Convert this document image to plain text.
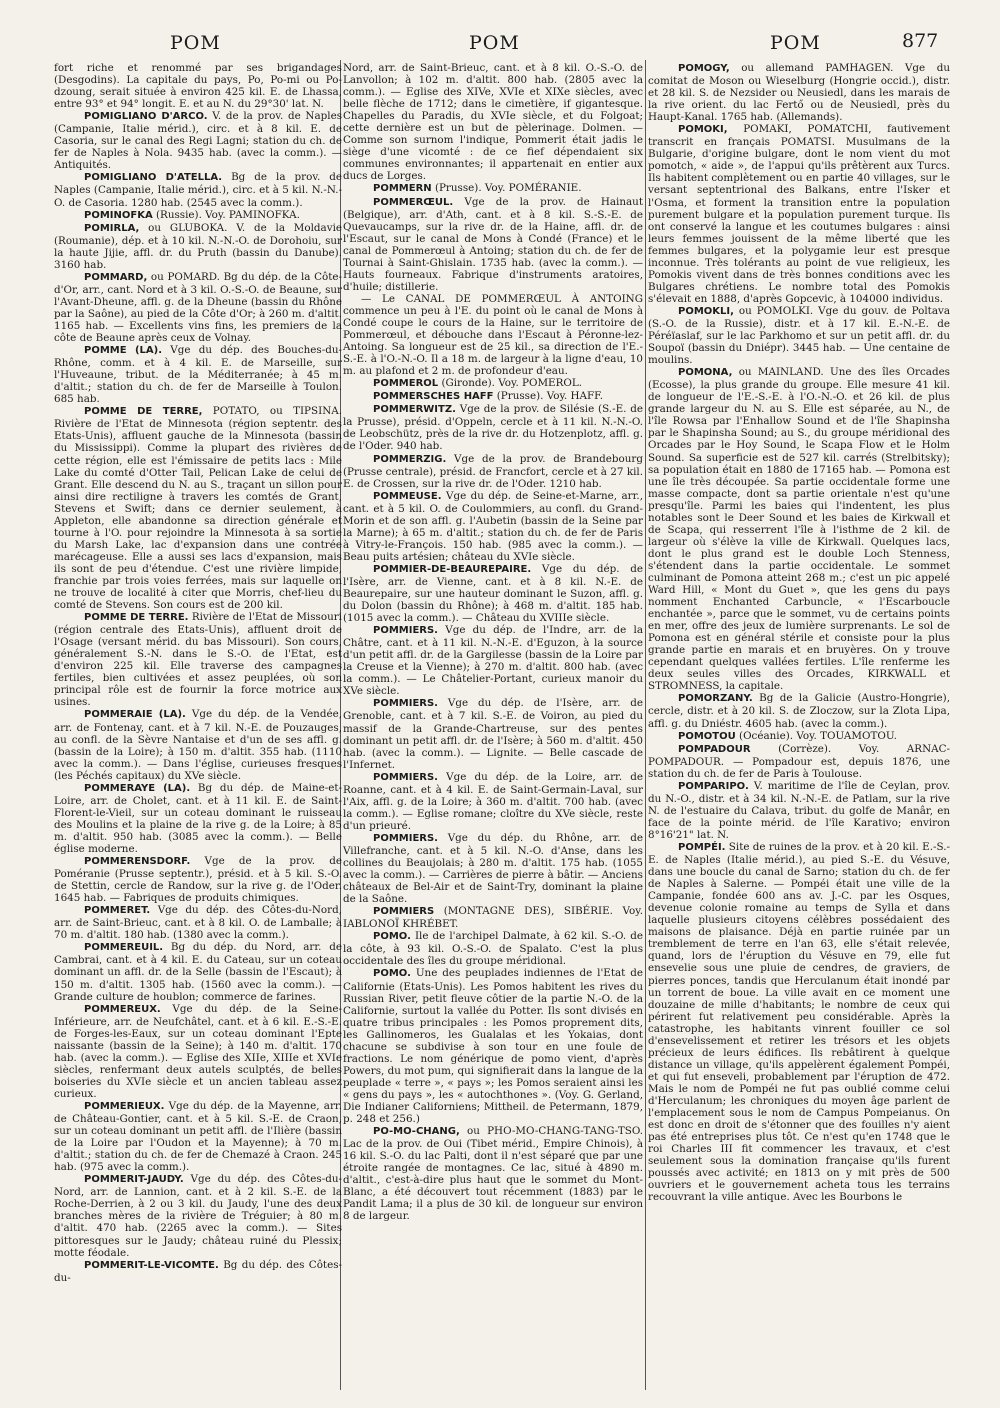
POM	POM	POM	877

fort riche et renommé par ses brigandages (Desgodins). La capitale du pays, Po, Po-mi ou Po-dzoung, serait située à environ 425 kil. E. de Lhassa, entre 93° et 94° longit. E. et au N. du 29°30' lat. N.

POMIGLIANO D'ARCO. V. de la prov. de Naples (Campanie, Italie mérid.), circ. et à 8 kil. E. de Casoria, sur le canal des Regi Lagni; station du ch. de fer de Naples à Nola. 9435 hab. (avec la comm.). — Antiquités.

POMIGLIANO D'ATELLA. Bg de la prov. de Naples (Campanie, Italie mérid.), circ. et à 5 kil. N.-N.-O. de Casoria. 1280 hab. (2545 avec la comm.).

POMINOFKA (Russie). Voy. PAMINOFKA.

POMIRLA, ou GLUBOKA. V. de la Moldavie (Roumanie), dép. et à 10 kil. N.-N.-O. de Dorohoiu, sur la haute Jijie, affl. dr. du Pruth (bassin du Danube). 3160 hab.

POMMARD, ou POMARD. Bg du dép. de la Côte-d'Or, arr., cant. Nord et à 3 kil. O.-S.-O. de Beaune, sur l'Avant-Dheune, affl. g. de la Dheune (bassin du Rhône par la Saône), au pied de la Côte d'Or; à 260 m. d'altit. 1165 hab. — Excellents vins fins, les premiers de la côte de Beaune après ceux de Volnay.

POMME (LA). Vge du dép. des Bouches-du-Rhône, comm. et à 4 kil. E. de Marseille, sur l'Huveaune, tribut. de la Méditerranée; à 45 m. d'altit.; station du ch. de fer de Marseille à Toulon. 685 hab.

POMME DE TERRE, POTATO, ou TIPSINA. Rivière de l'Etat de Minnesota (région septentr. des Etats-Unis), affluent gauche de la Minnesota (bassin du Mississippi). Comme la plupart des rivières de cette région, elle est l'émissaire de petits lacs : Mile Lake du comté d'Otter Tail, Pelican Lake de celui de Grant. Elle descend du N. au S., traçant un sillon pour ainsi dire rectiligne à travers les comtés de Grant, Stevens et Swift; dans ce dernier seulement, à Appleton, elle abandonne sa direction générale et tourne à l'O. pour rejoindre la Minnesota à sa sortie du Marsh Lake, lac d'expansion dans une contrée marécageuse. Elle a aussi ses lacs d'expansion, mais ils sont de peu d'étendue. C'est une rivière limpide, franchie par trois voies ferrées, mais sur laquelle on ne trouve de localité à citer que Morris, chef-lieu du comté de Stevens. Son cours est de 200 kil.

POMME DE TERRE. Rivière de l'Etat de Missouri (région centrale des Etats-Unis), affluent droit de l'Osage (versant mérid. du bas Missouri). Son cours, généralement S.-N. dans le S.-O. de l'Etat, est d'environ 225 kil. Elle traverse des campagnes fertiles, bien cultivées et assez peuplées, où son principal rôle est de fournir la force motrice aux usines.

POMMERAIE (LA). Vge du dép. de la Vendée, arr. de Fontenay, cant. et à 7 kil. N.-E. de Pouzauges, au confl. de la Sèvre Nantaise et d'un de ses affl. g. (bassin de la Loire); à 150 m. d'altit. 355 hab. (1110 avec la comm.). — Dans l'église, curieuses fresques (les Péchés capitaux) du XVe siècle.

POMMERAYE (LA). Bg du dép. de Maine-et-Loire, arr. de Cholet, cant. et à 11 kil. E. de Saint-Florent-le-Vieil, sur un coteau dominant le ruisseau des Moulins et la plaine de la rive g. de la Loire; à 85 m. d'altit. 950 hab. (3085 avec la comm.). — Belle église moderne.

POMMERENSDORF. Vge de la prov. de Poméranie (Prusse septentr.), présid. et à 5 kil. S.-O. de Stettin, cercle de Randow, sur la rive g. de l'Oder. 1645 hab. — Fabriques de produits chimiques.

POMMERET. Vge du dép. des Côtes-du-Nord, arr. de Saint-Brieuc, cant. et à 8 kil. O. de Lamballe; à 70 m. d'altit. 180 hab. (1380 avec la comm.).

POMMEREUIL. Bg du dép. du Nord, arr. de Cambrai, cant. et à 4 kil. E. du Cateau, sur un coteau dominant un affl. dr. de la Selle (bassin de l'Escaut); à 150 m. d'altit. 1305 hab. (1560 avec la comm.). — Grande culture de houblon; commerce de farines.

POMMEREUX. Vge du dép. de la Seine-Inférieure, arr. de Neufchâtel, cant. et à 6 kil. E.-S.-E. de Forges-les-Eaux, sur un coteau dominant l'Epte naissante (bassin de la Seine); à 140 m. d'altit. 170 hab. (avec la comm.). — Eglise des XIIe, XIIIe et XVIe siècles, renfermant deux autels sculptés, de belles boiseries du XVIe siècle et un ancien tableau assez curieux.

POMMERIEUX. Vge du dép. de la Mayenne, arr. de Château-Gontier, cant. et à 5 kil. S.-E. de Craon, sur un coteau dominant un petit affl. de l'Ilière (bassin de la Loire par l'Oudon et la Mayenne); à 70 m. d'altit.; station du ch. de fer de Chemazé à Craon. 245 hab. (975 avec la comm.).

POMMERIT-JAUDY. Vge du dép. des Côtes-du-Nord, arr. de Lannion, cant. et à 2 kil. S.-E. de la Roche-Derrien, à 2 ou 3 kil. du Jaudy, l'une des deux branches mères de la rivière de Tréguier; à 80 m. d'altit. 470 hab. (2265 avec la comm.). — Sites pittoresques sur le Jaudy; château ruiné du Plessix; motte féodale.

POMMERIT-LE-VICOMTE. Bg du dép. des Côtes-du-

Nord, arr. de Saint-Brieuc, cant. et à 8 kil. O.-S.-O. de Lanvollon; à 102 m. d'altit. 800 hab. (2805 avec la comm.). — Eglise des XIVe, XVIe et XIXe siècles, avec belle flèche de 1712; dans le cimetière, if gigantesque. Chapelles du Paradis, du XVIe siècle, et du Folgoat; cette dernière est un but de pèlerinage. Dolmen. — Comme son surnom l'indique, Pommerit était jadis le siège d'une vicomté : de ce fief dépendaient six communes environnantes; il appartenait en entier aux ducs de Lorges.

POMMERN (Prusse). Voy. POMÉRANIE.

POMMERŒUL. Vge de la prov. de Hainaut (Belgique), arr. d'Ath, cant. et à 8 kil. S.-S.-E. de Quevaucamps, sur la rive dr. de la Haine, affl. dr. de l'Escaut, sur le canal de Mons à Condé (France) et le canal de Pommerœul à Antoing; station du ch. de fer de Tournai à Saint-Ghislain. 1735 hab. (avec la comm.). — Hauts fourneaux. Fabrique d'instruments aratoires, d'huile; distillerie.

— Le CANAL DE POMMERŒUL À ANTOING commence un peu à l'E. du point où le canal de Mons à Condé coupe le cours de la Haine, sur le territoire de Pommerœul, et débouche dans l'Escaut à Péronne-lez-Antoing. Sa longueur est de 25 kil., sa direction de l'E.-S.-E. à l'O.-N.-O. Il a 18 m. de largeur à la ligne d'eau, 10 m. au plafond et 2 m. de profondeur d'eau.

POMMEROL (Gironde). Voy. POMEROL.

POMMERSCHES HAFF (Prusse). Voy. HAFF.

POMMERWITZ. Vge de la prov. de Silésie (S.-E. de la Prusse), présid. d'Oppeln, cercle et à 11 kil. N.-N.-O. de Leobschütz, près de la rive dr. du Hotzenplotz, affl. g. de l'Oder. 940 hab.

POMMERZIG. Vge de la prov. de Brandebourg (Prusse centrale), présid. de Francfort, cercle et à 27 kil. E. de Crossen, sur la rive dr. de l'Oder. 1210 hab.

POMMEUSE. Vge du dép. de Seine-et-Marne, arr., cant. et à 5 kil. O. de Coulommiers, au confl. du Grand-Morin et de son affl. g. l'Aubetin (bassin de la Seine par la Marne); à 65 m. d'altit.; station du ch. de fer de Paris à Vitry-le-François. 150 hab. (985 avec la comm.). — Beau puits artésien; château du XVIe siècle.

POMMIER-DE-BEAUREPAIRE. Vge du dép. de l'Isère, arr. de Vienne, cant. et à 8 kil. N.-E. de Beaurepaire, sur une hauteur dominant le Suzon, affl. g. du Dolon (bassin du Rhône); à 468 m. d'altit. 185 hab. (1015 avec la comm.). — Château du XVIIIe siècle.

POMMIERS. Vge du dép. de l'Indre, arr. de la Châtre, cant. et à 11 kil. N.-N.-E. d'Eguzon, à la source d'un petit affl. dr. de la Gargilesse (bassin de la Loire par la Creuse et la Vienne); à 270 m. d'altit. 800 hab. (avec la comm.). — Le Châtelier-Portant, curieux manoir du XVe siècle.

POMMIERS. Vge du dép. de l'Isère, arr. de Grenoble, cant. et à 7 kil. S.-E. de Voiron, au pied du massif de la Grande-Chartreuse, sur des pentes dominant un petit affl. dr. de l'Isère; à 560 m. d'altit. 450 hab. (avec la comm.). — Lignite. — Belle cascade de l'Infernet.

POMMIERS. Vge du dép. de la Loire, arr. de Roanne, cant. et à 4 kil. E. de Saint-Germain-Laval, sur l'Aix, affl. g. de la Loire; à 360 m. d'altit. 700 hab. (avec la comm.). — Eglise romane; cloître du XVe siècle, reste d'un prieuré.

POMMIERS. Vge du dép. du Rhône, arr. de Villefranche, cant. et à 5 kil. N.-O. d'Anse, dans les collines du Beaujolais; à 280 m. d'altit. 175 hab. (1055 avec la comm.). — Carrières de pierre à bâtir. — Anciens châteaux de Bel-Air et de Saint-Try, dominant la plaine de la Saône.

POMMIERS (MONTAGNE DES), SIBÉRIE. Voy. IABLONOÏ KHRÉBET.

POMO. Ile de l'archipel Dalmate, à 62 kil. S.-O. de la côte, à 93 kil. O.-S.-O. de Spalato. C'est la plus occidentale des îles du groupe méridional.

POMO. Une des peuplades indiennes de l'Etat de Californie (Etats-Unis). Les Pomos habitent les rives du Russian River, petit fleuve côtier de la partie N.-O. de la Californie, surtout la vallée du Potter. Ils sont divisés en quatre tribus principales : les Pomos proprement dits, les Gallinomeros, les Gualalas et les Yokaias, dont chacune se subdivise à son tour en une foule de fractions. Le nom générique de pomo vient, d'après Powers, du mot pum, qui signifierait dans la langue de la peuplade « terre », « pays »; les Pomos seraient ainsi les « gens du pays », les « autochthones ». (Voy. G. Gerland, Die Indianer Californiens; Mittheil. de Petermann, 1879, p. 248 et 256.)

PO-MO-CHANG, ou PHO-MO-CHANG-TANG-TSO. Lac de la prov. de Oui (Tibet mérid., Empire Chinois), à 16 kil. S.-O. du lac Palti, dont il n'est séparé que par une étroite rangée de montagnes. Ce lac, situé à 4890 m. d'altit., c'est-à-dire plus haut que le sommet du Mont-Blanc, a été découvert tout récemment (1883) par le Pandit Lama; il a plus de 30 kil. de longueur sur environ 8 de largeur.

POMOGY, ou allemand PAMHAGEN. Vge du comitat de Moson ou Wieselburg (Hongrie occid.), distr. et 28 kil. S. de Nezsider ou Neusiedl, dans les marais de la rive orient. du lac Fertő ou de Neusiedl, près du Haupt-Kanal. 1765 hab. (Allemands).

POMOKI, POMAKI, POMATCHI, fautivement transcrit en français POMATSI. Musulmans de la Bulgarie, d'origine bulgare, dont le nom vient du mot pomotch, « aide », de l'appui qu'ils prêtèrent aux Turcs. Ils habitent complètement ou en partie 40 villages, sur le versant septentrional des Balkans, entre l'Isker et l'Osma, et forment la transition entre la population purement bulgare et la population purement turque. Ils ont conservé la langue et les coutumes bulgares : ainsi leurs femmes jouissent de la même liberté que les femmes bulgares, et la polygamie leur est presque inconnue. Très tolérants au point de vue religieux, les Pomokis vivent dans de très bonnes conditions avec les Bulgares chrétiens. Le nombre total des Pomokis s'élevait en 1888, d'après Gopcevic, à 104000 individus.

POMOKLI, ou POMOLKI. Vge du gouv. de Poltava (S.-O. de la Russie), distr. et à 17 kil. E.-N.-E. de Péréïaslaf, sur le lac Parkhomo et sur un petit affl. dr. du Soupoï (bassin du Dniépr). 3445 hab. — Une centaine de moulins.

POMONA, ou MAINLAND. Une des îles Orcades (Ecosse), la plus grande du groupe. Elle mesure 41 kil. de longueur de l'E.-S.-E. à l'O.-N.-O. et 26 kil. de plus grande largeur du N. au S. Elle est séparée, au N., de l'île Rowsa par l'Enhallow Sound et de l'île Shapinsha par le Shapinsha Sound; au S., du groupe méridional des Orcades par le Hoy Sound, le Scapa Flow et le Holm Sound. Sa superficie est de 527 kil. carrés (Strelbitsky); sa population était en 1880 de 17165 hab. — Pomona est une île très découpée. Sa partie occidentale forme une masse compacte, dont sa partie orientale n'est qu'une presqu'île. Parmi les baies qui l'indentent, les plus notables sont le Deer Sound et les baies de Kirkwall et de Scapa, qui resserrent l'île à l'isthme de 2 kil. de largeur où s'élève la ville de Kirkwall. Quelques lacs, dont le plus grand est le double Loch Stenness, s'étendent dans la partie occidentale. Le sommet culminant de Pomona atteint 268 m.; c'est un pic appelé Ward Hill, « Mont du Guet », que les gens du pays nomment Enchanted Carbuncle, « l'Escarboucle enchantée », parce que le sommet, vu de certains points en mer, offre des jeux de lumière surprenants. Le sol de Pomona est en général stérile et consiste pour la plus grande partie en marais et en bruyères. On y trouve cependant quelques vallées fertiles. L'île renferme les deux seules villes des Orcades, KIRKWALL et STROMNESS, la capitale.

POMORZANY. Bg de la Galicie (Austro-Hongrie), cercle, distr. et à 20 kil. S. de Zloczow, sur la Zlota Lipa, affl. g. du Dniéstr. 4605 hab. (avec la comm.).

POMOTOU (Océanie). Voy. TOUAMOTOU.

POMPADOUR	(Corrèze). Voy. ARNAC-POMPADOUR. — Pompadour est, depuis 1876, une station du ch. de fer de Paris à Toulouse.

POMPARIPO. V. maritime de l'île de Ceylan, prov. du N.-O., distr. et à 34 kil. N.-N.-E. de Patlam, sur la rive N. de l'estuaire du Calava, tribut. du golfe de Manâr, en face de la pointe mérid. de l'île Karativo; environ 8°16'21" lat. N.

POMPÉI. Site de ruines de la prov. et à 20 kil. E.-S.-E. de Naples (Italie mérid.), au pied S.-E. du Vésuve, dans une boucle du canal de Sarno; station du ch. de fer de Naples à Salerne. — Pompéi était une ville de la Campanie, fondée 600 ans av. J.-C. par les Osques, devenue colonie romaine au temps de Sylla et dans laquelle plusieurs citoyens célèbres possédaient des maisons de plaisance. Déjà en partie ruinée par un tremblement de terre en l'an 63, elle s'était relevée, quand, lors de l'éruption du Vésuve en 79, elle fut ensevelie sous une pluie de cendres, de graviers, de pierres ponces, tandis que Herculanum était inondé par un torrent de boue. La ville avait en ce moment une douzaine de mille d'habitants; le nombre de ceux qui périrent fut relativement peu considérable. Après la catastrophe, les habitants vinrent fouiller ce sol d'ensevelissement et retirer les trésors et les objets précieux de leurs édifices. Ils rebâtirent à quelque distance un village, qu'ils appelèrent également Pompéi, et qui fut enseveli, probablement par l'éruption de 472. Mais le nom de Pompéi ne fut pas oublié comme celui d'Herculanum; les chroniques du moyen âge parlent de l'emplacement sous le nom de Campus Pompeianus. On est donc en droit de s'étonner que des fouilles n'y aient pas été entreprises plus tôt. Ce n'est qu'en 1748 que le roi Charles III fit commencer les travaux, et c'est seulement sous la domination française qu'ils furent poussés avec activité; en 1813 on y mit près de 500 ouvriers et le gouvernement acheta tous les terrains recouvrant la ville antique. Avec les Bourbons le
